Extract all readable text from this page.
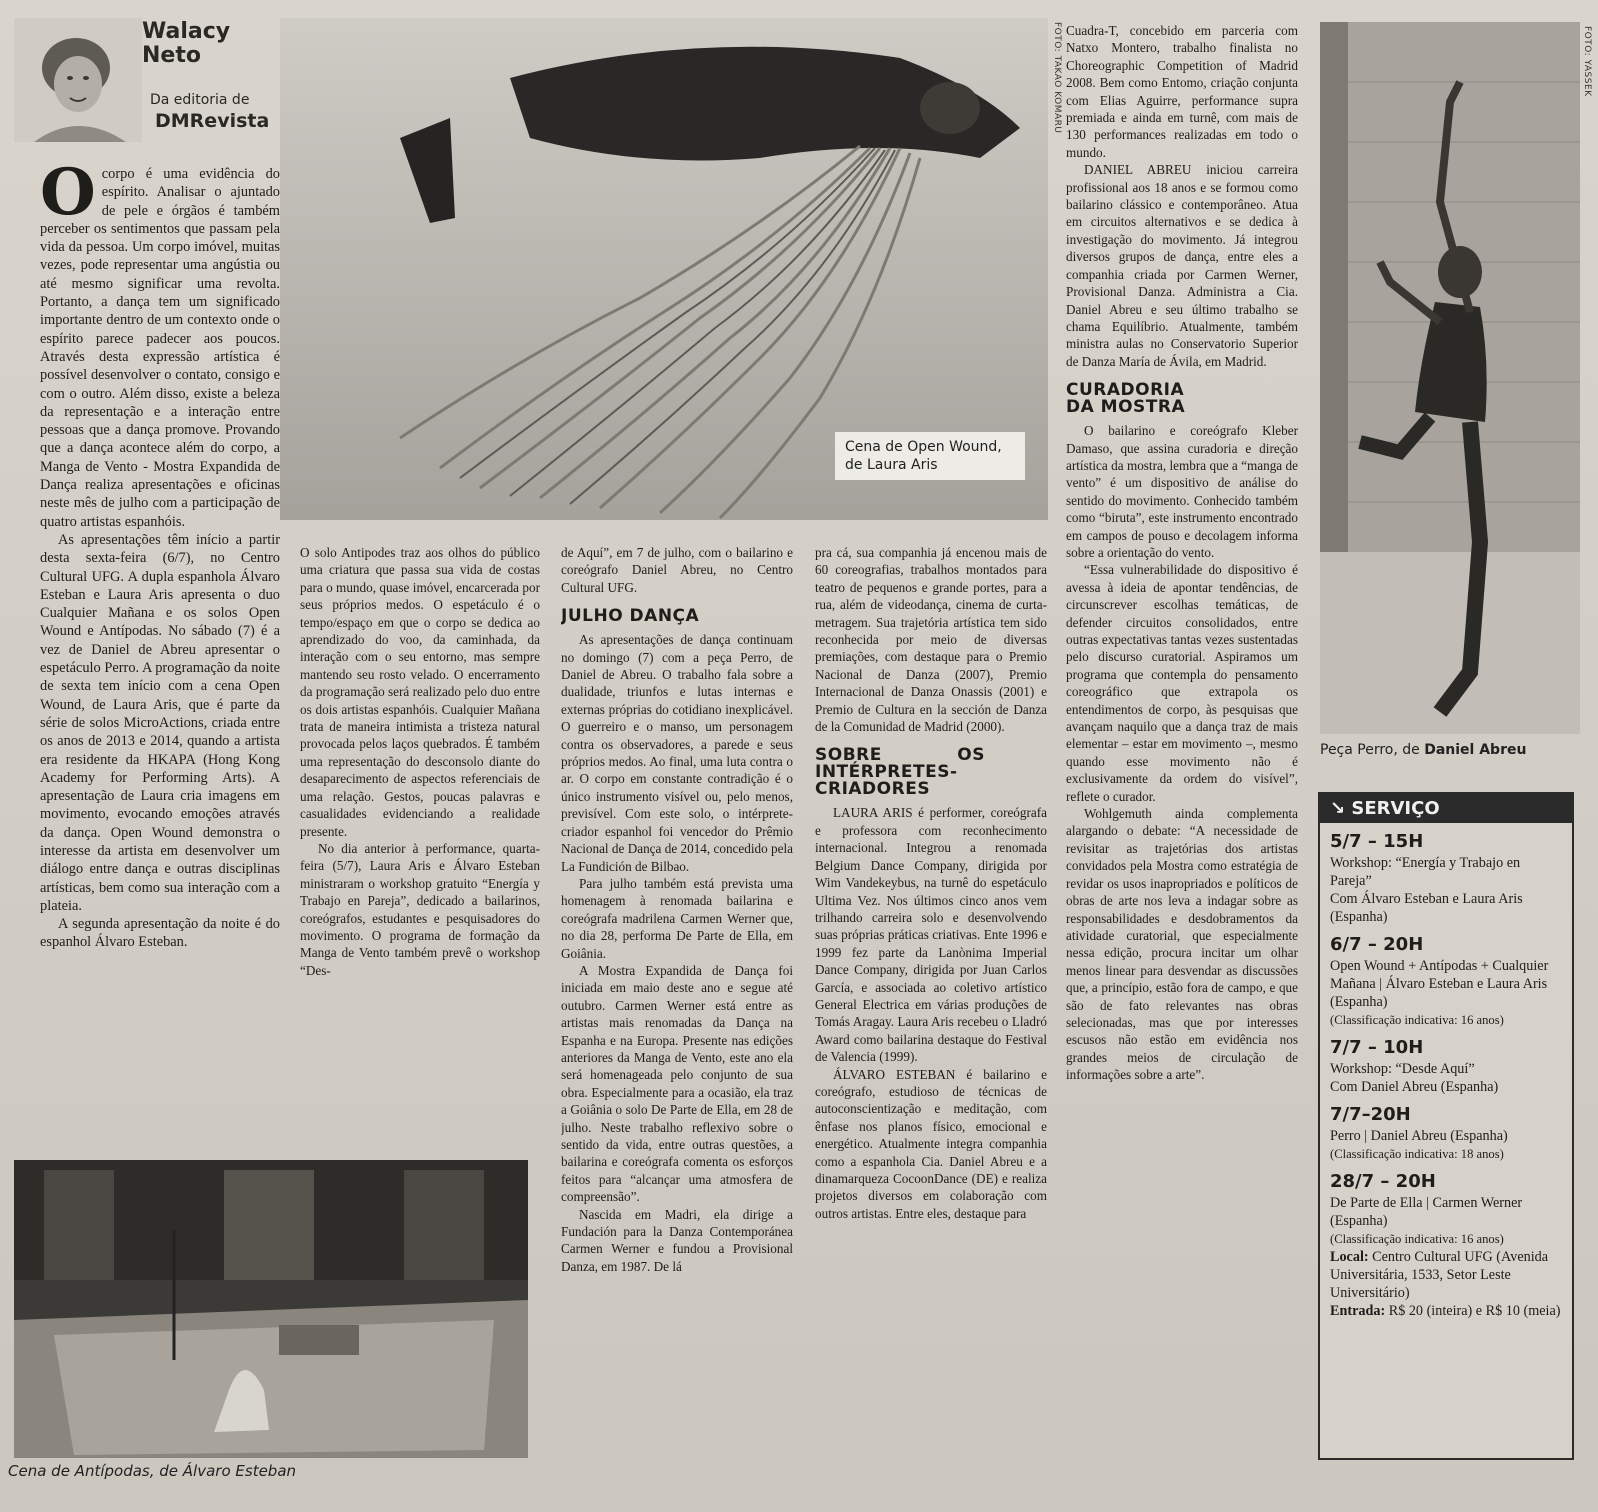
Walacy
Neto
Da editoria de
DMRevista
Cena de Open Wound, de Laura Aris
FOTO: TAKAO KOMARU	FOTO: YASSEK
Peça Perro, de Daniel Abreu
Cena de Antípodas, de Álvaro Esteban

Ocorpo é uma evidência do espírito. Analisar o ajuntado de pele e órgãos é também perceber os sentimentos que passam pela vida da pessoa. Um corpo imóvel, muitas vezes, pode representar uma angústia ou até mesmo significar uma revolta. Portanto, a dança tem um significado importante dentro de um contexto onde o espírito parece padecer aos poucos. Através desta expressão artística é possível desenvolver o contato, consigo e com o outro. Além disso, existe a beleza da representação e a interação entre pessoas que a dança promove. Provando que a dança acontece além do corpo, a Manga de Vento - Mostra Expandida de Dança realiza apresentações e oficinas neste mês de julho com a participação de quatro artistas espanhóis.

As apresentações têm início a partir desta sexta-feira (6/7), no Centro Cultural UFG. A dupla espanhola Álvaro Esteban e Laura Aris apresenta o duo Cualquier Mañana e os solos Open Wound e Antípodas. No sábado (7) é a vez de Daniel de Abreu apresentar o espetáculo Perro. A programação da noite de sexta tem início com a cena Open Wound, de Laura Aris, que é parte da série de solos MicroActions, criada entre os anos de 2013 e 2014, quando a artista era residente da HKAPA (Hong Kong Academy for Performing Arts). A apresentação de Laura cria imagens em movimento, evocando emoções através da dança. Open Wound demonstra o interesse da artista em desenvolver um diálogo entre dança e outras disciplinas artísticas, bem como sua interação com a plateia.

A segunda apresentação da noite é do espanhol Álvaro Esteban.

O solo Antipodes traz aos olhos do público uma criatura que passa sua vida de costas para o mundo, quase imóvel, encarcerada por seus próprios medos. O espetáculo é o tempo/espaço em que o corpo se dedica ao aprendizado do voo, da caminhada, da interação com o seu entorno, mas sempre mantendo seu rosto velado. O encerramento da programação será realizado pelo duo entre os dois artistas espanhóis. Cualquier Mañana trata de maneira intimista a tristeza natural provocada pelos laços quebrados. É também uma representação do desconsolo diante do desaparecimento de aspectos referenciais de uma relação. Gestos, poucas palavras e casualidades evidenciando a realidade presente.

No dia anterior à performance, quarta-feira (5/7), Laura Aris e Álvaro Esteban ministraram o workshop gratuito “Energía y Trabajo en Pareja”, dedicado a bailarinos, coreógrafos, estudantes e pesquisadores do movimento. O programa de formação da Manga de Vento também prevê o workshop “Des-

de Aquí”, em 7 de julho, com o bailarino e coreógrafo Daniel Abreu, no Centro Cultural UFG.

JULHO DANÇA

As apresentações de dança continuam no domingo (7) com a peça Perro, de Daniel de Abreu. O trabalho fala sobre a dualidade, triunfos e lutas internas e externas próprias do cotidiano inexplicável. O guerreiro e o manso, um personagem contra os observadores, a parede e seus próprios medos. Ao final, uma luta contra o ar. O corpo em constante contradição é o único instrumento visível ou, pelo menos, previsível. Com este solo, o intérprete-criador espanhol foi vencedor do Prêmio Nacional de Dança de 2014, concedido pela La Fundición de Bilbao.

Para julho também está prevista uma homenagem à renomada bailarina e coreógrafa madrilena Carmen Werner que, no dia 28, performa De Parte de Ella, em Goiânia.

A Mostra Expandida de Dança foi iniciada em maio deste ano e segue até outubro. Carmen Werner está entre as artistas mais renomadas da Dança na Espanha e na Europa. Presente nas edições anteriores da Manga de Vento, este ano ela será homenageada pelo conjunto de sua obra. Especialmente para a ocasião, ela traz a Goiânia o solo De Parte de Ella, em 28 de julho. Neste trabalho reflexivo sobre o sentido da vida, entre outras questões, a bailarina e coreógrafa comenta os esforços feitos para “alcançar uma atmosfera de compreensão”.

Nascida em Madri, ela dirige a Fundación para la Danza Contemporánea Carmen Werner e fundou a Provisional Danza, em 1987. De lá

pra cá, sua companhia já encenou mais de 60 coreografias, trabalhos montados para teatro de pequenos e grande portes, para a rua, além de videodança, cinema de curta-metragem. Sua trajetória artística tem sido reconhecida por meio de diversas premiações, com destaque para o Premio Nacional de Danza (2007), Premio Internacional de Danza Onassis (2001) e Premio de Cultura en la sección de Danza de la Comunidad de Madrid (2000).

SOBRE OS INTÉRPRETES-CRIADORES

LAURA ARIS é performer, coreógrafa e professora com reconhecimento internacional. Integrou a renomada Belgium Dance Company, dirigida por Wim Vandekeybus, na turnê do espetáculo Ultima Vez. Nos últimos cinco anos vem trilhando carreira solo e desenvolvendo suas próprias práticas criativas. Ente 1996 e 1999 fez parte da Lanònima Imperial Dance Company, dirigida por Juan Carlos García, e associada ao coletivo artístico General Electrica em várias produções de Tomás Aragay. Laura Aris recebeu o Lladró Award como bailarina destaque do Festival de Valencia (1999).

ÁLVARO ESTEBAN é bailarino e coreógrafo, estudioso de técnicas de autoconscientização e meditação, com ênfase nos planos físico, emocional e energético. Atualmente integra companhia como a espanhola Cia. Daniel Abreu e a dinamarqueza CocoonDance (DE) e realiza projetos diversos em colaboração com outros artistas. Entre eles, destaque para

Cuadra-T, concebido em parceria com Natxo Montero, trabalho finalista no Choreographic Competition of Madrid 2008. Bem como Entomo, criação conjunta com Elias Aguirre, performance supra premiada e ainda em turnê, com mais de 130 performances realizadas em todo o mundo.

DANIEL ABREU iniciou carreira profissional aos 18 anos e se formou como bailarino clássico e contemporâneo. Atua em circuitos alternativos e se dedica à investigação do movimento. Já integrou diversos grupos de dança, entre eles a companhia criada por Carmen Werner, Provisional Danza. Administra a Cia. Daniel Abreu e seu último trabalho se chama Equilíbrio. Atualmente, também ministra aulas no Conservatorio Superior de Danza María de Ávila, em Madrid.

CURADORIA DA MOSTRA

O bailarino e coreógrafo Kleber Damaso, que assina curadoria e direção artística da mostra, lembra que a “manga de vento” é um dispositivo de análise do sentido do movimento. Conhecido também como “biruta”, este instrumento encontrado em campos de pouso e decolagem informa sobre a orientação do vento.

“Essa vulnerabilidade do dispositivo é avessa à ideia de apontar tendências, de circunscrever escolhas temáticas, de defender circuitos consolidados, entre outras expectativas tantas vezes sustentadas pelo discurso curatorial. Aspiramos um programa que contempla do pensamento coreográfico que extrapola os entendimentos de corpo, às pesquisas que avançam naquilo que a dança traz de mais elementar – estar em movimento –, mesmo quando esse movimento não é exclusivamente da ordem do visível”, reflete o curador.

Wohlgemuth ainda complementa alargando o debate: “A necessidade de revisitar as trajetórias dos artistas convidados pela Mostra como estratégia de revidar os usos inapropriados e políticos de obras de arte nos leva a indagar sobre as responsabilidades e desdobramentos da atividade curatorial, que especialmente nessa edição, procura incitar um olhar menos linear para desvendar as discussões que, a princípio, estão fora de campo, e que são de fato relevantes nas obras selecionadas, mas que por interesses escusos não estão em evidência nos grandes meios de circulação de informações sobre a arte”.

↘ SERVIÇO
5/7 – 15H
Workshop: “Energía y Trabajo en Pareja”
Com Álvaro Esteban e Laura Aris (Espanha)
6/7 – 20H
Open Wound + Antípodas + Cualquier Mañana | Álvaro Esteban e Laura Aris (Espanha)
(Classificação indicativa: 16 anos)
7/7 – 10H
Workshop: “Desde Aquí”
Com Daniel Abreu (Espanha)
7/7–20H
Perro | Daniel Abreu (Espanha)
(Classificação indicativa: 18 anos)
28/7 – 20H
De Parte de Ella | Carmen Werner (Espanha)
(Classificação indicativa: 16 anos)
Local: Centro Cultural UFG (Avenida Universitária, 1533, Setor Leste Universitário)
Entrada: R$ 20 (inteira) e R$ 10 (meia)
